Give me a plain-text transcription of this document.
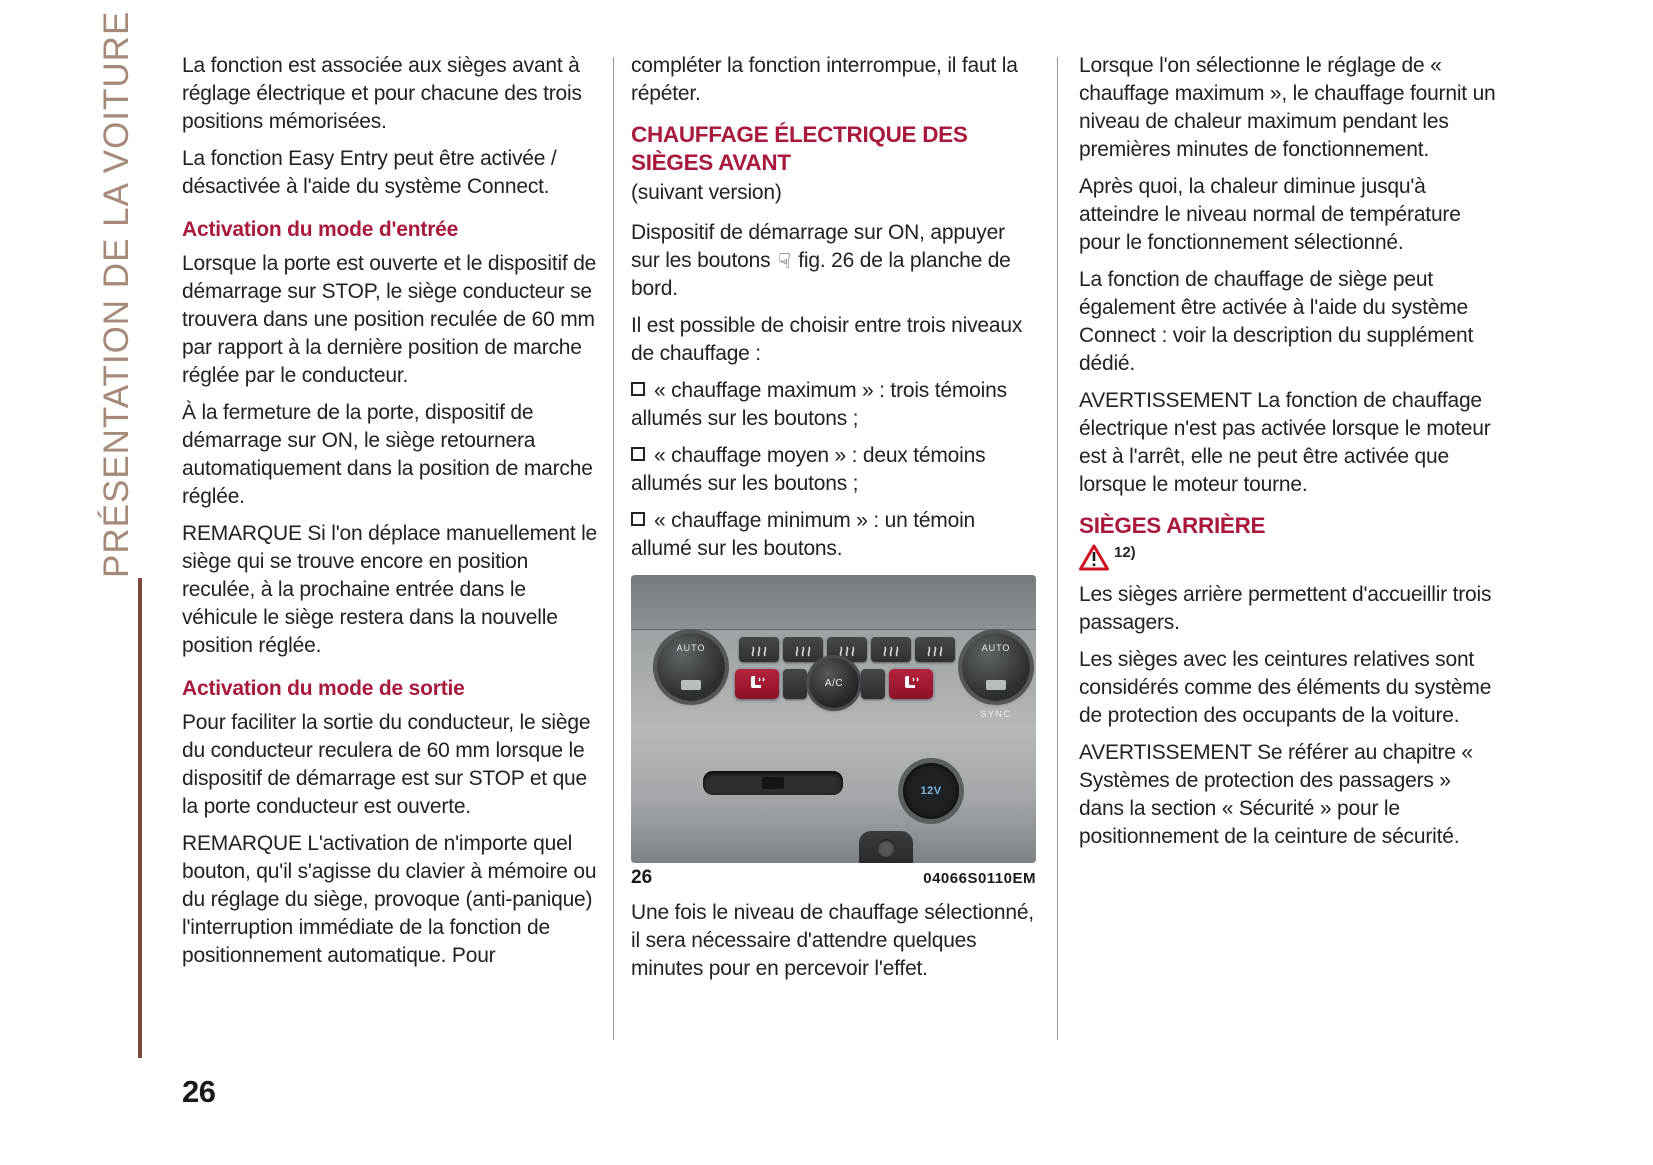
PRÉSENTATION DE LA VOITURE La fonction est associée aux sièges avant à réglage électrique et pour chacune des trois positions mémorisées.

La fonction Easy Entry peut être activée / désactivée à l'aide du système Connect.

Activation du mode d'entrée

Lorsque la porte est ouverte et le dispositif de démarrage sur STOP, le siège conducteur se trouvera dans une position reculée de 60 mm par rapport à la dernière position de marche réglée par le conducteur.

À la fermeture de la porte, dispositif de démarrage sur ON, le siège retournera automatiquement dans la position de marche réglée.

REMARQUE Si l'on déplace manuellement le siège qui se trouve encore en position reculée, à la prochaine entrée dans le véhicule le siège restera dans la nouvelle position réglée.

Activation du mode de sortie

Pour faciliter la sortie du conducteur, le siège du conducteur reculera de 60 mm lorsque le dispositif de démarrage est sur STOP et que la porte conducteur est ouverte.

REMARQUE L'activation de n'importe quel bouton, qu'il s'agisse du clavier à mémoire ou du réglage du siège, provoque (anti-panique) l'interruption immédiate de la fonction de positionnement automatique. Pour

compléter la fonction interrompue, il faut la répéter.

CHAUFFAGE ÉLECTRIQUE DES SIÈGES AVANT

(suivant version)

Dispositif de démarrage sur ON, appuyer sur les boutons ☟ fig. 26 de la planche de bord.

Il est possible de choisir entre trois niveaux de chauffage :

« chauffage maximum » : trois témoins allumés sur les boutons ;

« chauffage moyen » : deux témoins allumés sur les boutons ;

« chauffage minimum » : un témoin allumé sur les boutons.

AUTO
A/C
AUTO
SYNC
12V
26	04066S0110EM

Une fois le niveau de chauffage sélectionné, il sera nécessaire d'attendre quelques minutes pour en percevoir l'effet.

Lorsque l'on sélectionne le réglage de « chauffage maximum », le chauffage fournit un niveau de chaleur maximum pendant les premières minutes de fonctionnement.

Après quoi, la chaleur diminue jusqu'à atteindre le niveau normal de température pour le fonctionnement sélectionné.

La fonction de chauffage de siège peut également être activée à l'aide du système Connect : voir la description du supplément dédié.

AVERTISSEMENT La fonction de chauffage électrique n'est pas activée lorsque le moteur est à l'arrêt, elle ne peut être activée que lorsque le moteur tourne.

SIÈGES ARRIÈRE
12)

Les sièges arrière permettent d'accueillir trois passagers.

Les sièges avec les ceintures relatives sont considérés comme des éléments du système de protection des occupants de la voiture.

AVERTISSEMENT Se référer au chapitre « Systèmes de protection des passagers » dans la section « Sécurité » pour le positionnement de la ceinture de sécurité.

26
